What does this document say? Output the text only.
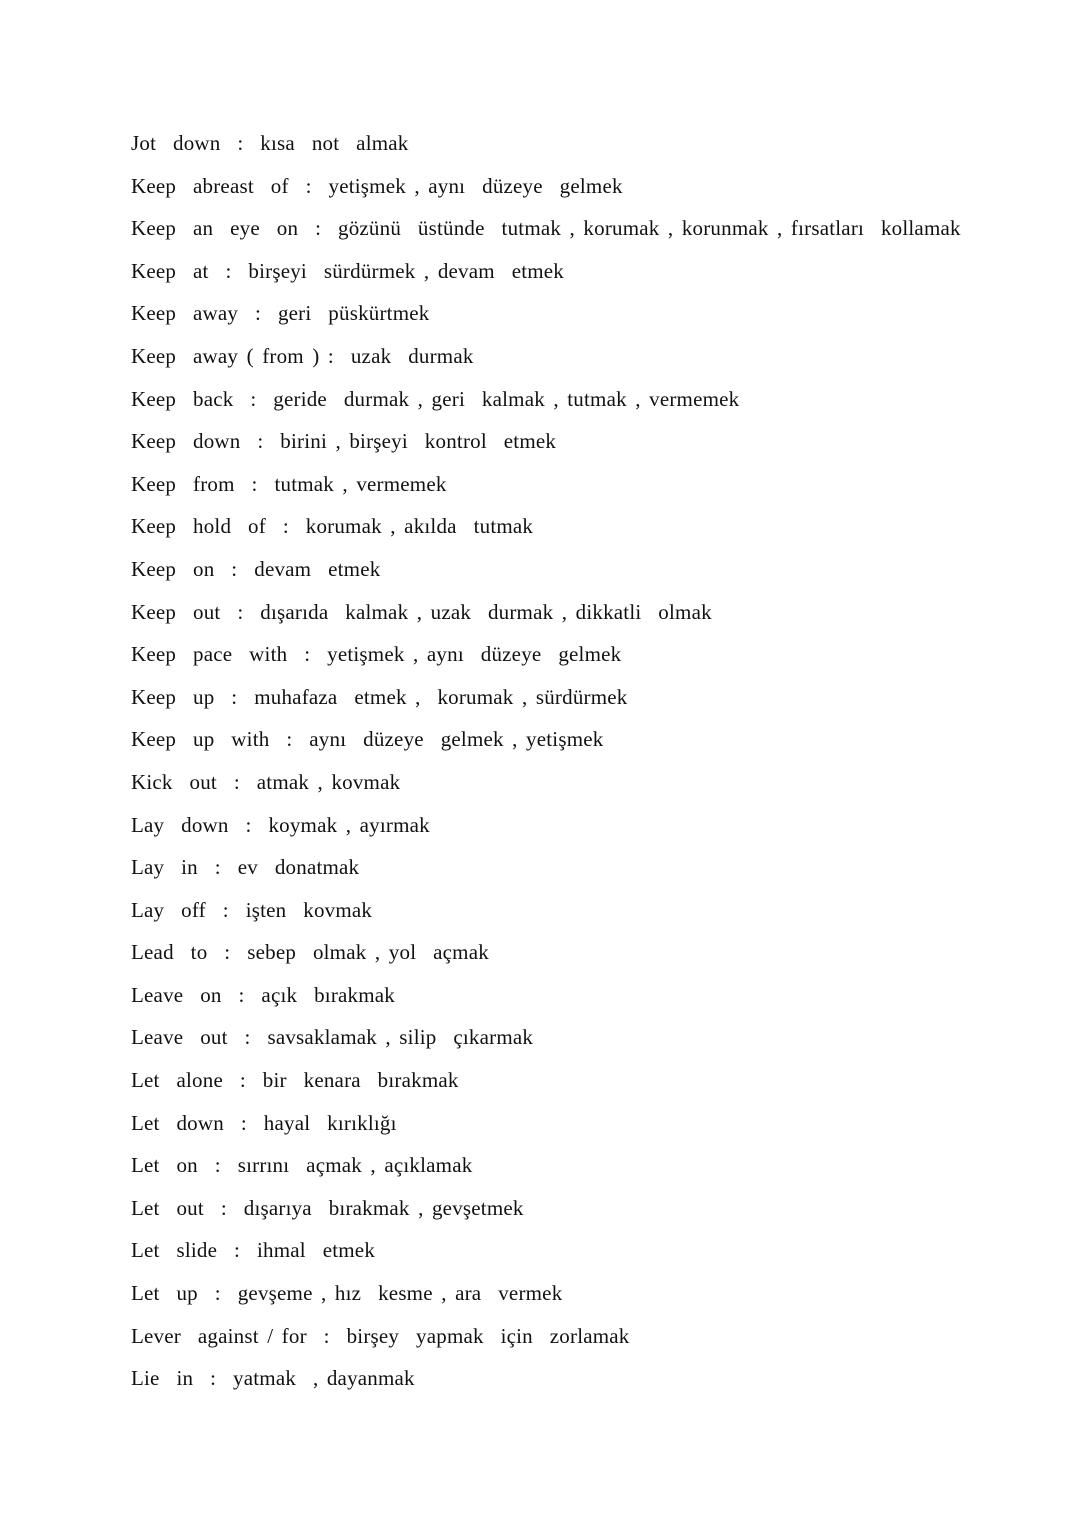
Jot  down  :  kısa  not  almak
Keep  abreast  of  :  yetişmek , aynı  düzeye  gelmek
Keep  an  eye  on  :  gözünü  üstünde  tutmak , korumak , korunmak , fırsatları  kollamak
Keep  at  :  birşeyi  sürdürmek , devam  etmek
Keep  away  :  geri  püskürtmek
Keep  away ( from ) :  uzak  durmak
Keep  back  :  geride  durmak , geri  kalmak , tutmak , vermemek
Keep  down  :  birini , birşeyi  kontrol  etmek
Keep  from  :  tutmak , vermemek
Keep  hold  of  :  korumak , akılda  tutmak
Keep  on  :  devam  etmek
Keep  out  :  dışarıda  kalmak , uzak  durmak , dikkatli  olmak
Keep  pace  with  :  yetişmek , aynı  düzeye  gelmek
Keep  up  :  muhafaza  etmek ,  korumak , sürdürmek
Keep  up  with  :  aynı  düzeye  gelmek , yetişmek
Kick  out  :  atmak , kovmak
Lay  down  :  koymak , ayırmak
Lay  in  :  ev  donatmak
Lay  off  :  işten  kovmak
Lead  to  :  sebep  olmak , yol  açmak
Leave  on  :  açık  bırakmak
Leave  out  :  savsaklamak , silip  çıkarmak
Let  alone  :  bir  kenara  bırakmak
Let  down  :  hayal  kırıklığı
Let  on  :  sırrını  açmak , açıklamak
Let  out  :  dışarıya  bırakmak , gevşetmek
Let  slide  :  ihmal  etmek
Let  up  :  gevşeme , hız  kesme , ara  vermek
Lever  against / for  :  birşey  yapmak  için  zorlamak
Lie  in  :  yatmak  , dayanmak
